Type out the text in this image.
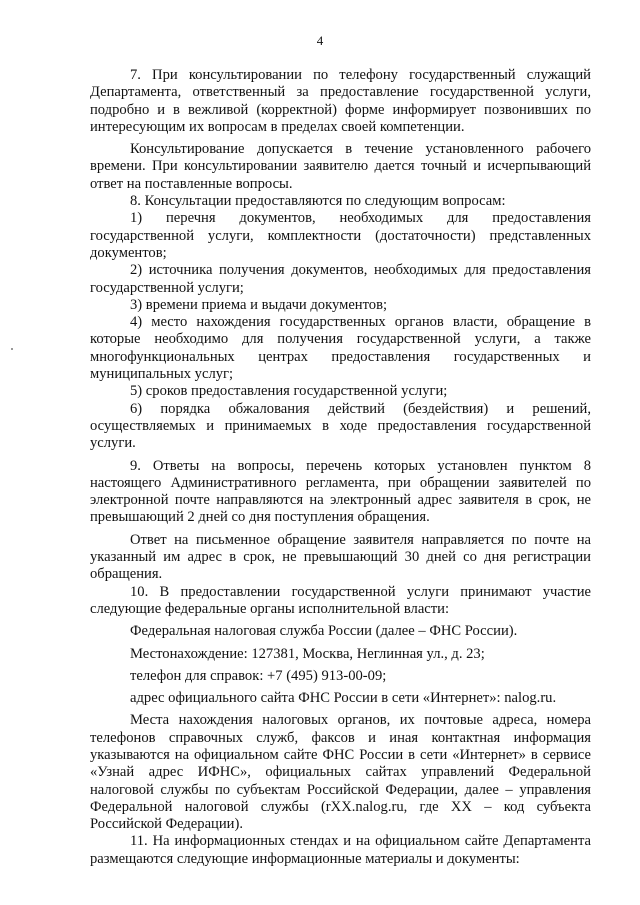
4

7. При консультировании по телефону государственный служащий Департамента, ответственный за предоставление государственной услуги, подробно и в вежливой (корректной) форме информирует позвонивших по интересующим их вопросам в пределах своей компетенции.

Консультирование допускается в течение установленного рабочего времени. При консультировании заявителю дается точный и исчерпывающий ответ на поставленные вопросы.

8. Консультации предоставляются по следующим вопросам:

1) перечня документов, необходимых для предоставления государственной услуги, комплектности (достаточности) представленных документов;

2) источника получения документов, необходимых для предоставления государственной услуги;

3) времени приема и выдачи документов;

4) место нахождения государственных органов власти, обращение в которые необходимо для получения государственной услуги, а также многофункциональных центрах предоставления государственных и муниципальных услуг;

5) сроков предоставления государственной услуги;

6) порядка обжалования действий (бездействия) и решений, осуществляемых и принимаемых в ходе предоставления государственной услуги.

9. Ответы на вопросы, перечень которых установлен пунктом 8 настоящего Административного регламента, при обращении заявителей по электронной почте направляются на электронный адрес заявителя в срок, не превышающий 2 дней со дня поступления обращения.

Ответ на письменное обращение заявителя направляется по почте на указанный им адрес в срок, не превышающий 30 дней со дня регистрации обращения.

10. В предоставлении государственной услуги принимают участие следующие федеральные органы исполнительной власти:

Федеральная налоговая служба России (далее – ФНС России).

Местонахождение: 127381, Москва, Неглинная ул., д. 23;

телефон для справок: +7 (495) 913-00-09;

адрес официального сайта ФНС России в сети «Интернет»: nalog.ru.

Места нахождения налоговых органов, их почтовые адреса, номера телефонов справочных служб, факсов и иная контактная информация указываются на официальном сайте ФНС России в сети «Интернет» в сервисе «Узнай адрес ИФНС», официальных сайтах управлений Федеральной налоговой службы по субъектам Российской Федерации, далее – управления Федеральной налоговой службы (rXX.nalog.ru, где XX – код субъекта Российской Федерации).

11. На информационных стендах и на официальном сайте Департамента размещаются следующие информационные материалы и документы:
